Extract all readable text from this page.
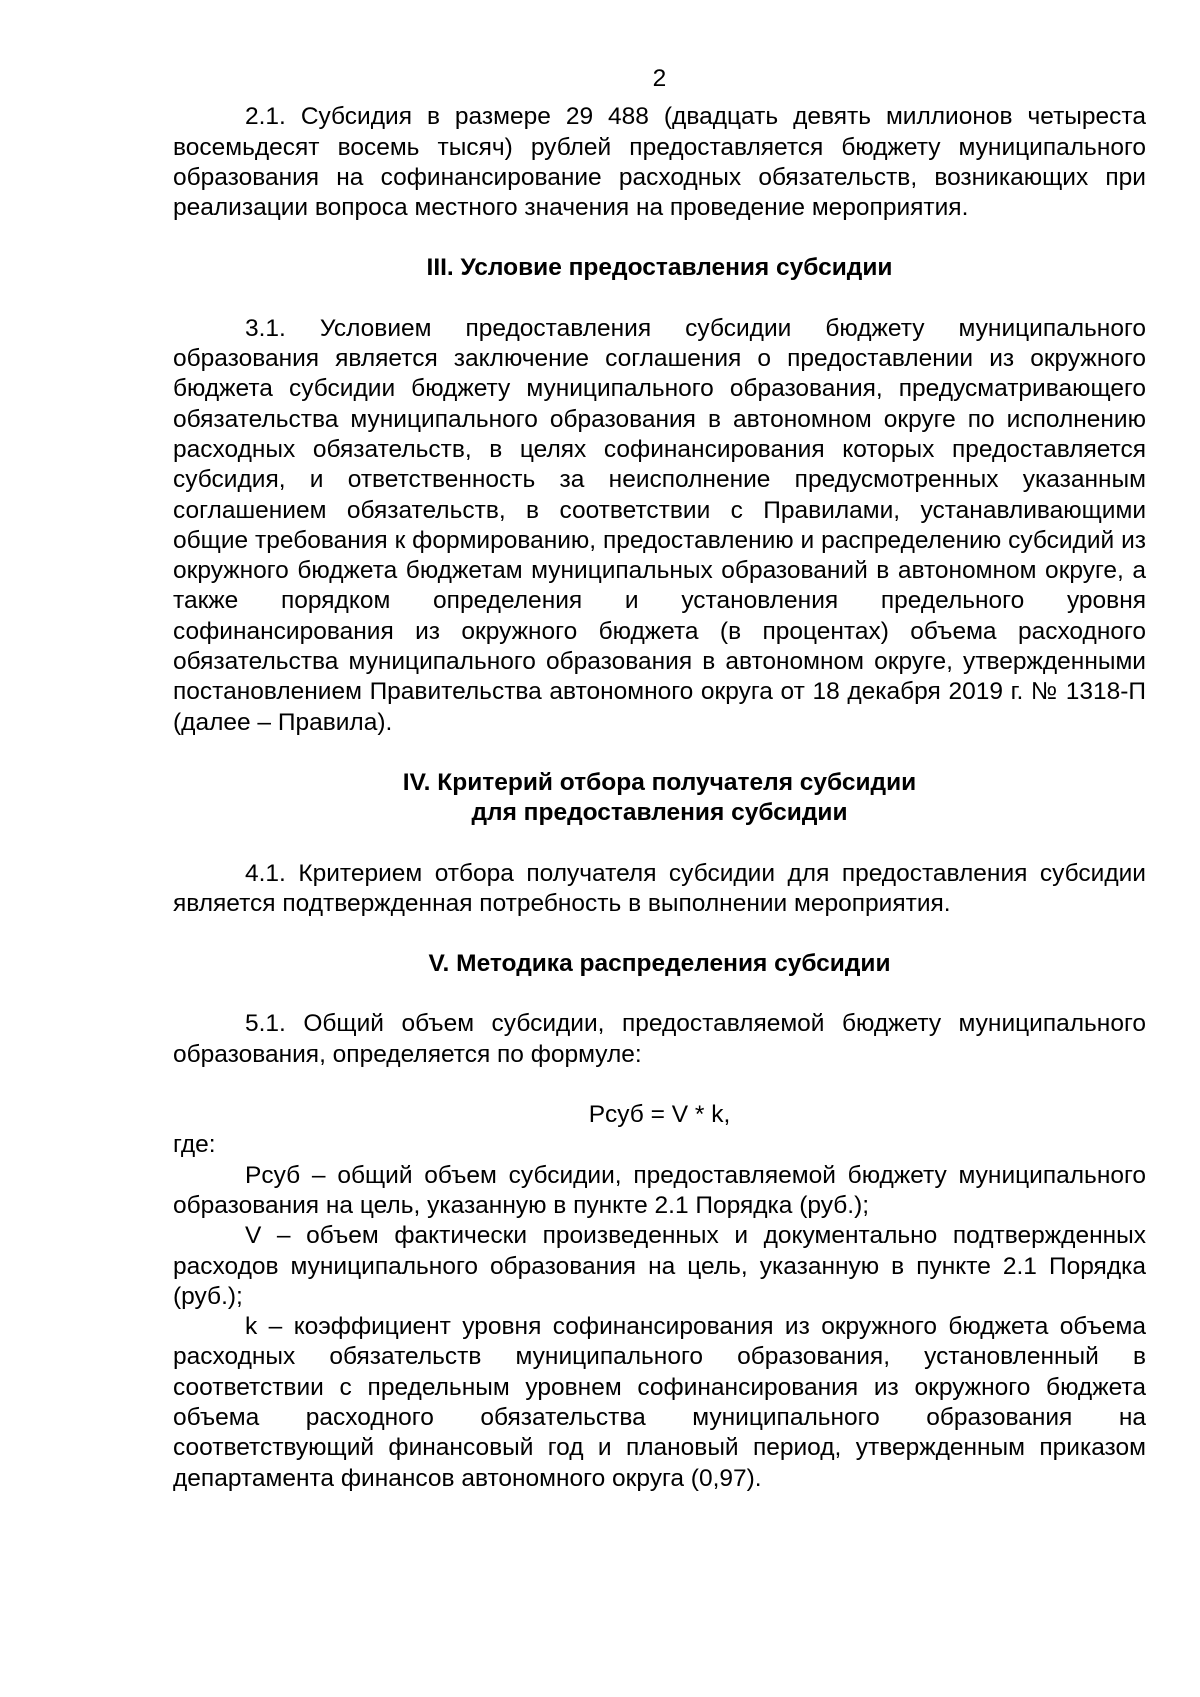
2

2.1. Субсидия в размере 29 488 (двадцать девять миллионов четыреста восемьдесят восемь тысяч) рублей предоставляется бюджету муниципального образования на софинансирование расходных обязательств, возникающих при реализации вопроса местного значения на проведение мероприятия.

III. Условие предоставления субсидии

3.1. Условием предоставления субсидии бюджету муниципального образования является заключение соглашения о предоставлении из окружного бюджета субсидии бюджету муниципального образования, предусматривающего обязательства муниципального образования в автономном округе по исполнению расходных обязательств, в целях софинансирования которых предоставляется субсидия, и ответственность за неисполнение предусмотренных указанным соглашением обязательств, в соответствии с Правилами, устанавливающими общие требования к формированию, предоставлению и распределению субсидий из окружного бюджета бюджетам муниципальных образований в автономном округе, а также порядком определения и установления предельного уровня софинансирования из окружного бюджета (в процентах) объема расходного обязательства муниципального образования в автономном округе, утвержденными постановлением Правительства автономного округа от 18 декабря 2019 г. № 1318-П (далее – Правила).

IV. Критерий отбора получателя субсидии

для предоставления субсидии

4.1. Критерием отбора получателя субсидии для предоставления субсидии является подтвержденная потребность в выполнении мероприятия.

V. Методика распределения субсидии

5.1. Общий объем субсидии, предоставляемой бюджету муниципального образования, определяется по формуле:

Pсуб = V * k,

где:

Pсуб – общий объем субсидии, предоставляемой бюджету муниципального образования на цель, указанную в пункте 2.1 Порядка (руб.);

V – объем фактически произведенных и документально подтвержденных расходов муниципального образования на цель, указанную в пункте 2.1 Порядка (руб.);

k – коэффициент уровня софинансирования из окружного бюджета объема расходных обязательств муниципального образования, установленный в соответствии с предельным уровнем софинансирования из окружного бюджета объема расходного обязательства муниципального образования на соответствующий финансовый год и плановый период, утвержденным приказом департамента финансов автономного округа (0,97).
